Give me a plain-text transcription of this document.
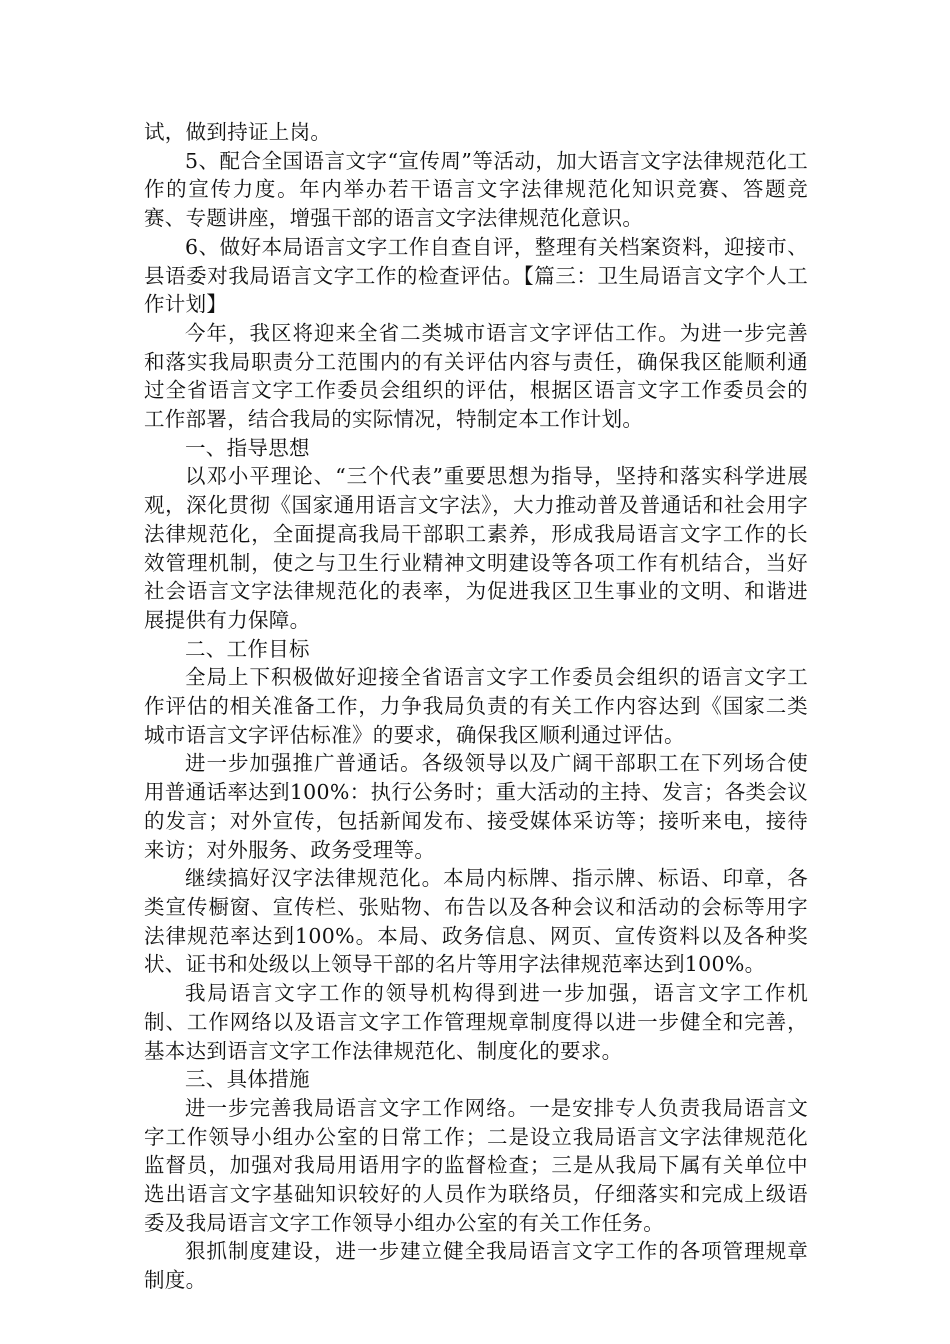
试，做到持证上岗。

5、配合全国语言文字“宣传周”等活动，加大语言文字法律规范化工作的宣传力度。年内举办若干语言文字法律规范化知识竞赛、答题竞赛、专题讲座，增强干部的语言文字法律规范化意识。

6、做好本局语言文字工作自查自评，整理有关档案资料，迎接市、县语委对我局语言文字工作的检查评估。【篇三：卫生局语言文字个人工作计划】

今年，我区将迎来全省二类城市语言文字评估工作。为进一步完善和落实我局职责分工范围内的有关评估内容与责任，确保我区能顺利通过全省语言文字工作委员会组织的评估，根据区语言文字工作委员会的工作部署，结合我局的实际情况，特制定本工作计划。

一、指导思想

以邓小平理论、“三个代表”重要思想为指导，坚持和落实科学进展观，深化贯彻《国家通用语言文字法》，大力推动普及普通话和社会用字法律规范化，全面提高我局干部职工素养，形成我局语言文字工作的长效管理机制，使之与卫生行业精神文明建设等各项工作有机结合，当好社会语言文字法律规范化的表率，为促进我区卫生事业的文明、和谐进展提供有力保障。

二、工作目标

全局上下积极做好迎接全省语言文字工作委员会组织的语言文字工作评估的相关准备工作，力争我局负责的有关工作内容达到《国家二类城市语言文字评估标准》的要求，确保我区顺利通过评估。

进一步加强推广普通话。各级领导以及广阔干部职工在下列场合使用普通话率达到100%：执行公务时；重大活动的主持、发言；各类会议的发言；对外宣传，包括新闻发布、接受媒体采访等；接听来电，接待来访；对外服务、政务受理等。

继续搞好汉字法律规范化。本局内标牌、指示牌、标语、印章，各类宣传橱窗、宣传栏、张贴物、布告以及各种会议和活动的会标等用字法律规范率达到100%。本局、政务信息、网页、宣传资料以及各种奖状、证书和处级以上领导干部的名片等用字法律规范率达到100%。

我局语言文字工作的领导机构得到进一步加强，语言文字工作机制、工作网络以及语言文字工作管理规章制度得以进一步健全和完善，基本达到语言文字工作法律规范化、制度化的要求。

三、具体措施

进一步完善我局语言文字工作网络。一是安排专人负责我局语言文字工作领导小组办公室的日常工作；二是设立我局语言文字法律规范化监督员，加强对我局用语用字的监督检查；三是从我局下属有关单位中选出语言文字基础知识较好的人员作为联络员，仔细落实和完成上级语委及我局语言文字工作领导小组办公室的有关工作任务。

狠抓制度建设，进一步建立健全我局语言文字工作的各项管理规章制度。
